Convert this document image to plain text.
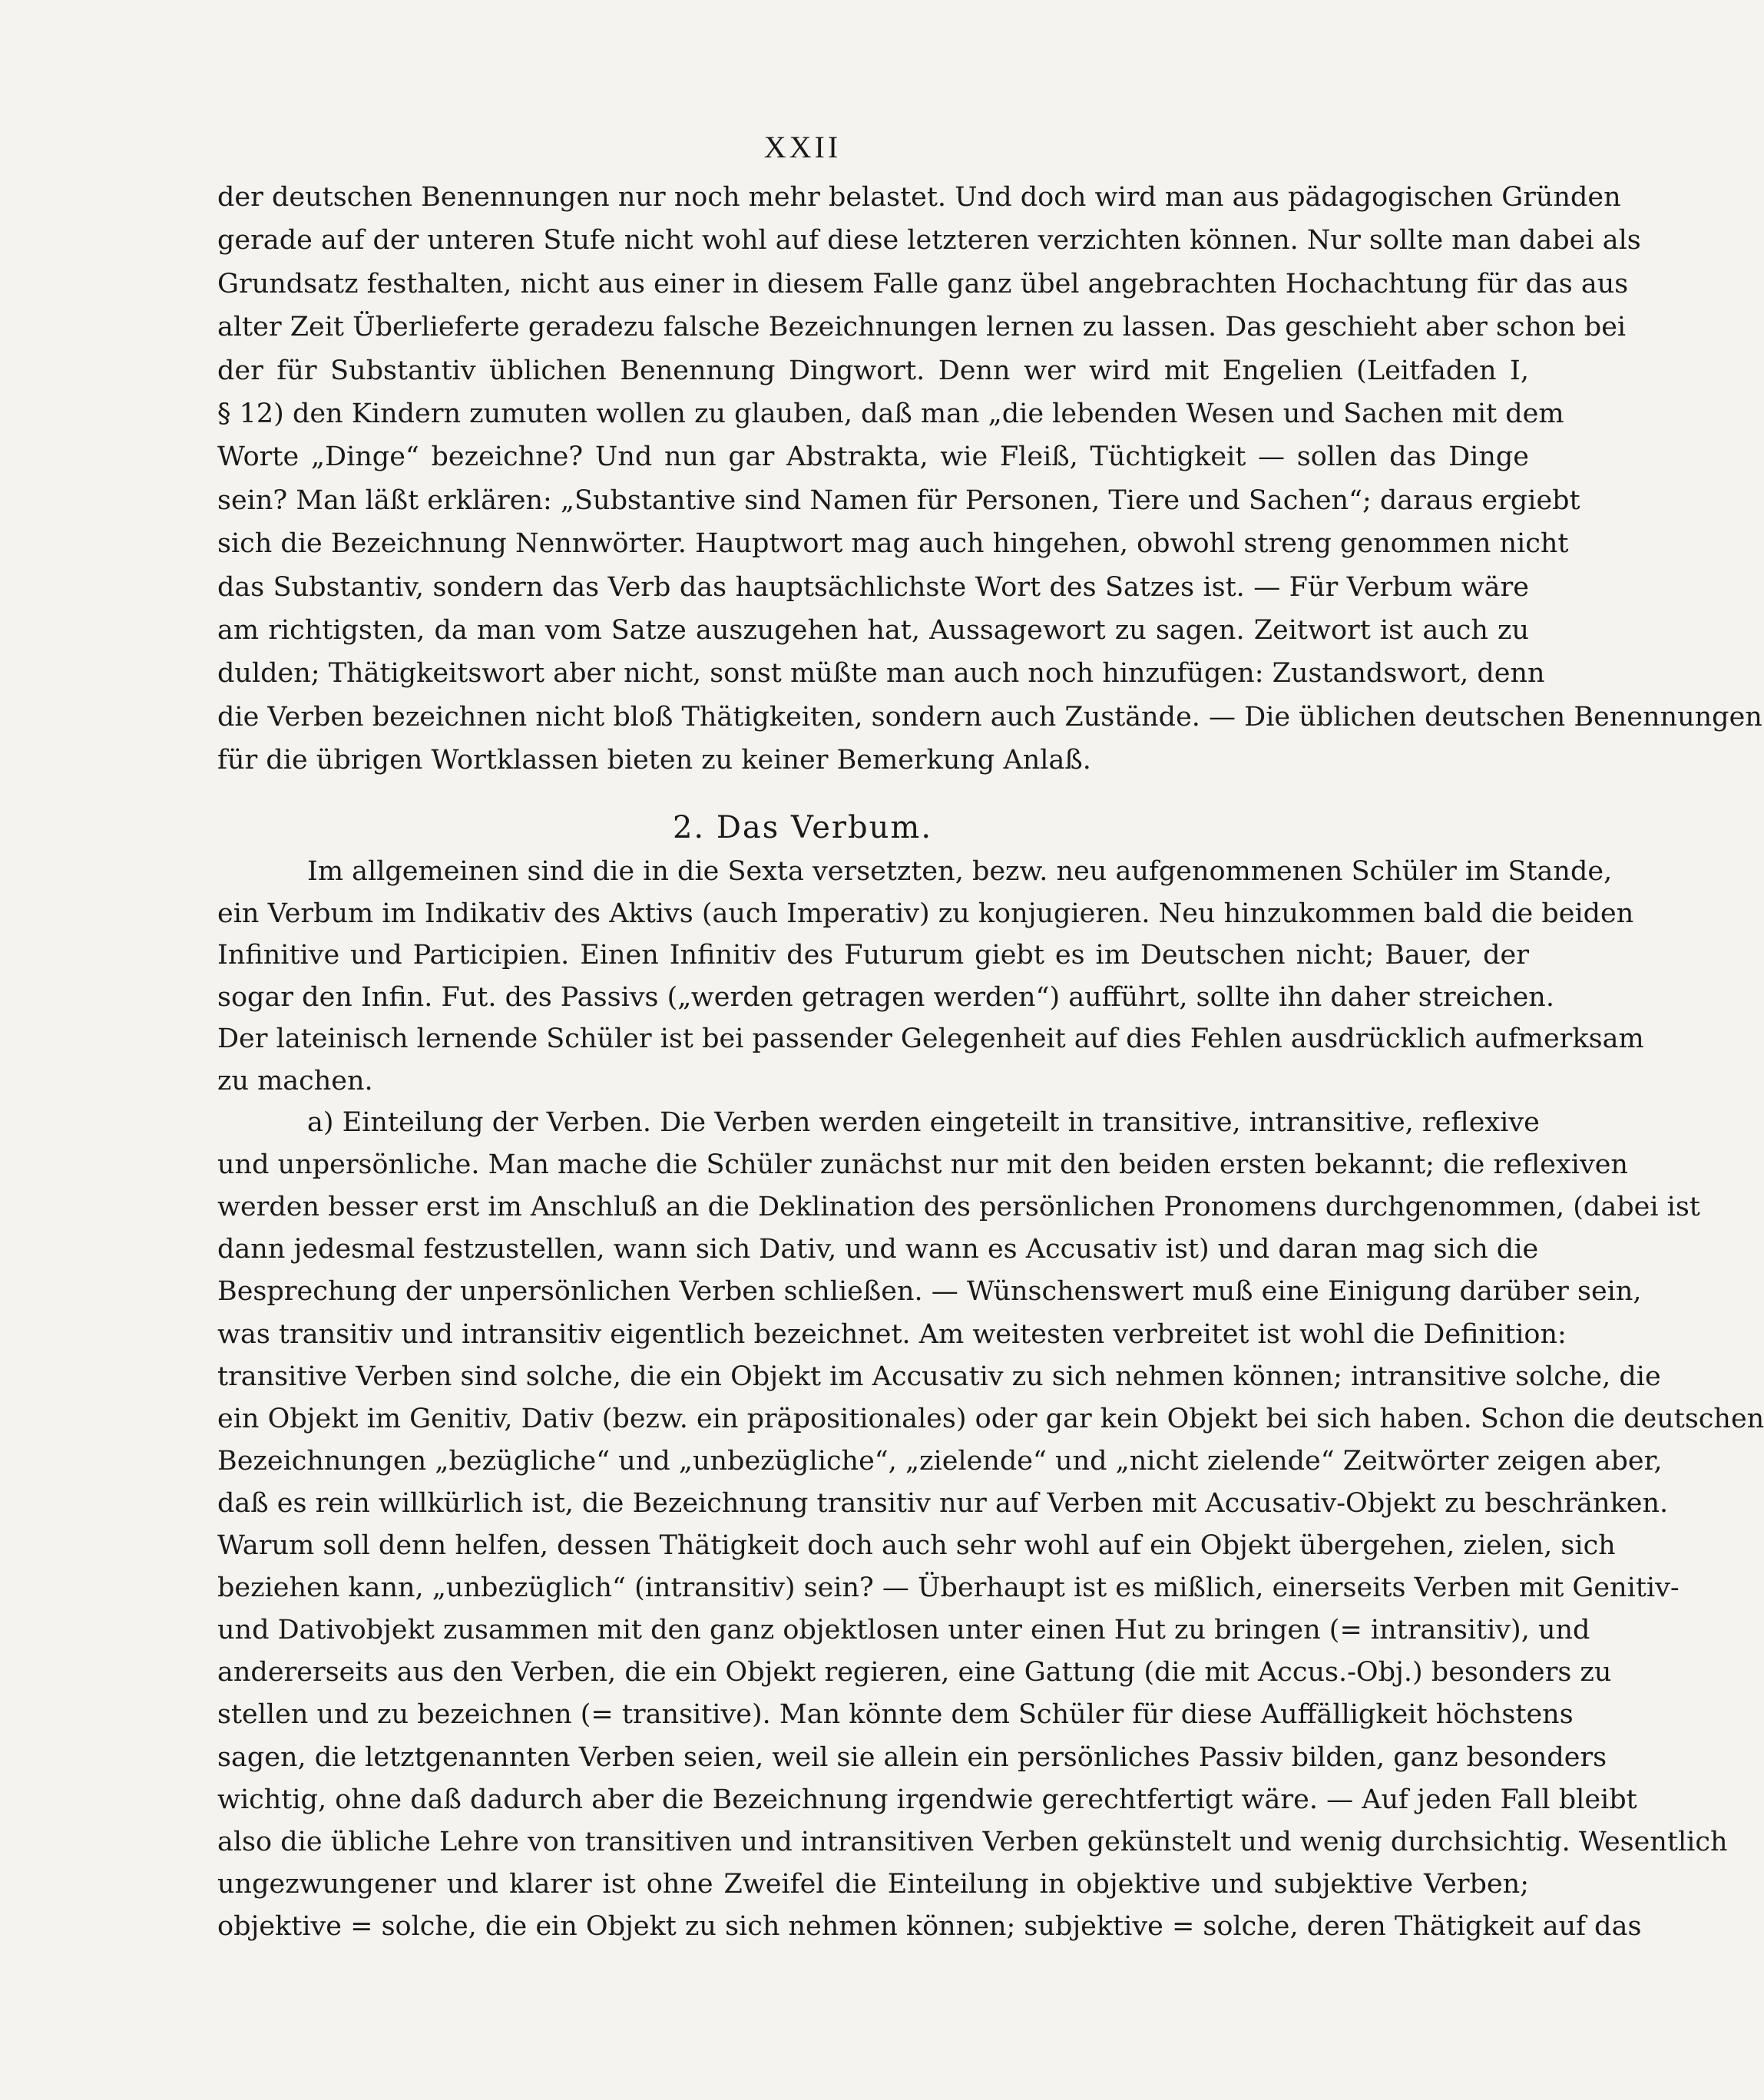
XXII
der deutschen Benennungen nur noch mehr belastet. Und doch wird man aus pädagogischen Gründen
gerade auf der unteren Stufe nicht wohl auf diese letzteren verzichten können. Nur sollte man dabei als
Grundsatz festhalten, nicht aus einer in diesem Falle ganz übel angebrachten Hochachtung für das aus
alter Zeit Überlieferte geradezu falsche Bezeichnungen lernen zu lassen. Das geschieht aber schon bei
der für Substantiv üblichen Benennung Dingwort. Denn wer wird mit Engelien (Leitfaden I,
§ 12) den Kindern zumuten wollen zu glauben, daß man „die lebenden Wesen und Sachen mit dem
Worte „Dinge“ bezeichne? Und nun gar Abstrakta, wie Fleiß, Tüchtigkeit — sollen das Dinge
sein? Man läßt erklären: „Substantive sind Namen für Personen, Tiere und Sachen“; daraus ergiebt
sich die Bezeichnung Nennwörter. Hauptwort mag auch hingehen, obwohl streng genommen nicht
das Substantiv, sondern das Verb das hauptsächlichste Wort des Satzes ist. — Für Verbum wäre
am richtigsten, da man vom Satze auszugehen hat, Aussagewort zu sagen. Zeitwort ist auch zu
dulden; Thätigkeitswort aber nicht, sonst müßte man auch noch hinzufügen: Zustandswort, denn
die Verben bezeichnen nicht bloß Thätigkeiten, sondern auch Zustände. — Die üblichen deutschen Benennungen
für die übrigen Wortklassen bieten zu keiner Bemerkung Anlaß.
2. Das Verbum.
Im allgemeinen sind die in die Sexta versetzten, bezw. neu aufgenommenen Schüler im Stande,
ein Verbum im Indikativ des Aktivs (auch Imperativ) zu konjugieren. Neu hinzukommen bald die beiden
Infinitive und Participien. Einen Infinitiv des Futurum giebt es im Deutschen nicht; Bauer, der
sogar den Infin. Fut. des Passivs („werden getragen werden“) aufführt, sollte ihn daher streichen.
Der lateinisch lernende Schüler ist bei passender Gelegenheit auf dies Fehlen ausdrücklich aufmerksam
zu machen.
a) Einteilung der Verben. Die Verben werden eingeteilt in transitive, intransitive, reflexive
und unpersönliche. Man mache die Schüler zunächst nur mit den beiden ersten bekannt; die reflexiven
werden besser erst im Anschluß an die Deklination des persönlichen Pronomens durchgenommen, (dabei ist
dann jedesmal festzustellen, wann sich Dativ, und wann es Accusativ ist) und daran mag sich die
Besprechung der unpersönlichen Verben schließen. — Wünschenswert muß eine Einigung darüber sein,
was transitiv und intransitiv eigentlich bezeichnet. Am weitesten verbreitet ist wohl die Definition:
transitive Verben sind solche, die ein Objekt im Accusativ zu sich nehmen können; intransitive solche, die
ein Objekt im Genitiv, Dativ (bezw. ein präpositionales) oder gar kein Objekt bei sich haben. Schon die deutschen
Bezeichnungen „bezügliche“ und „unbezügliche“, „zielende“ und „nicht zielende“ Zeitwörter zeigen aber,
daß es rein willkürlich ist, die Bezeichnung transitiv nur auf Verben mit Accusativ-Objekt zu beschränken.
Warum soll denn helfen, dessen Thätigkeit doch auch sehr wohl auf ein Objekt übergehen, zielen, sich
beziehen kann, „unbezüglich“ (intransitiv) sein? — Überhaupt ist es mißlich, einerseits Verben mit Genitiv-
und Dativobjekt zusammen mit den ganz objektlosen unter einen Hut zu bringen (= intransitiv), und
andererseits aus den Verben, die ein Objekt regieren, eine Gattung (die mit Accus.-Obj.) besonders zu
stellen und zu bezeichnen (= transitive). Man könnte dem Schüler für diese Auffälligkeit höchstens
sagen, die letztgenannten Verben seien, weil sie allein ein persönliches Passiv bilden, ganz besonders
wichtig, ohne daß dadurch aber die Bezeichnung irgendwie gerechtfertigt wäre. — Auf jeden Fall bleibt
also die übliche Lehre von transitiven und intransitiven Verben gekünstelt und wenig durchsichtig. Wesentlich
ungezwungener und klarer ist ohne Zweifel die Einteilung in objektive und subjektive Verben;
objektive = solche, die ein Objekt zu sich nehmen können; subjektive = solche, deren Thätigkeit auf das
